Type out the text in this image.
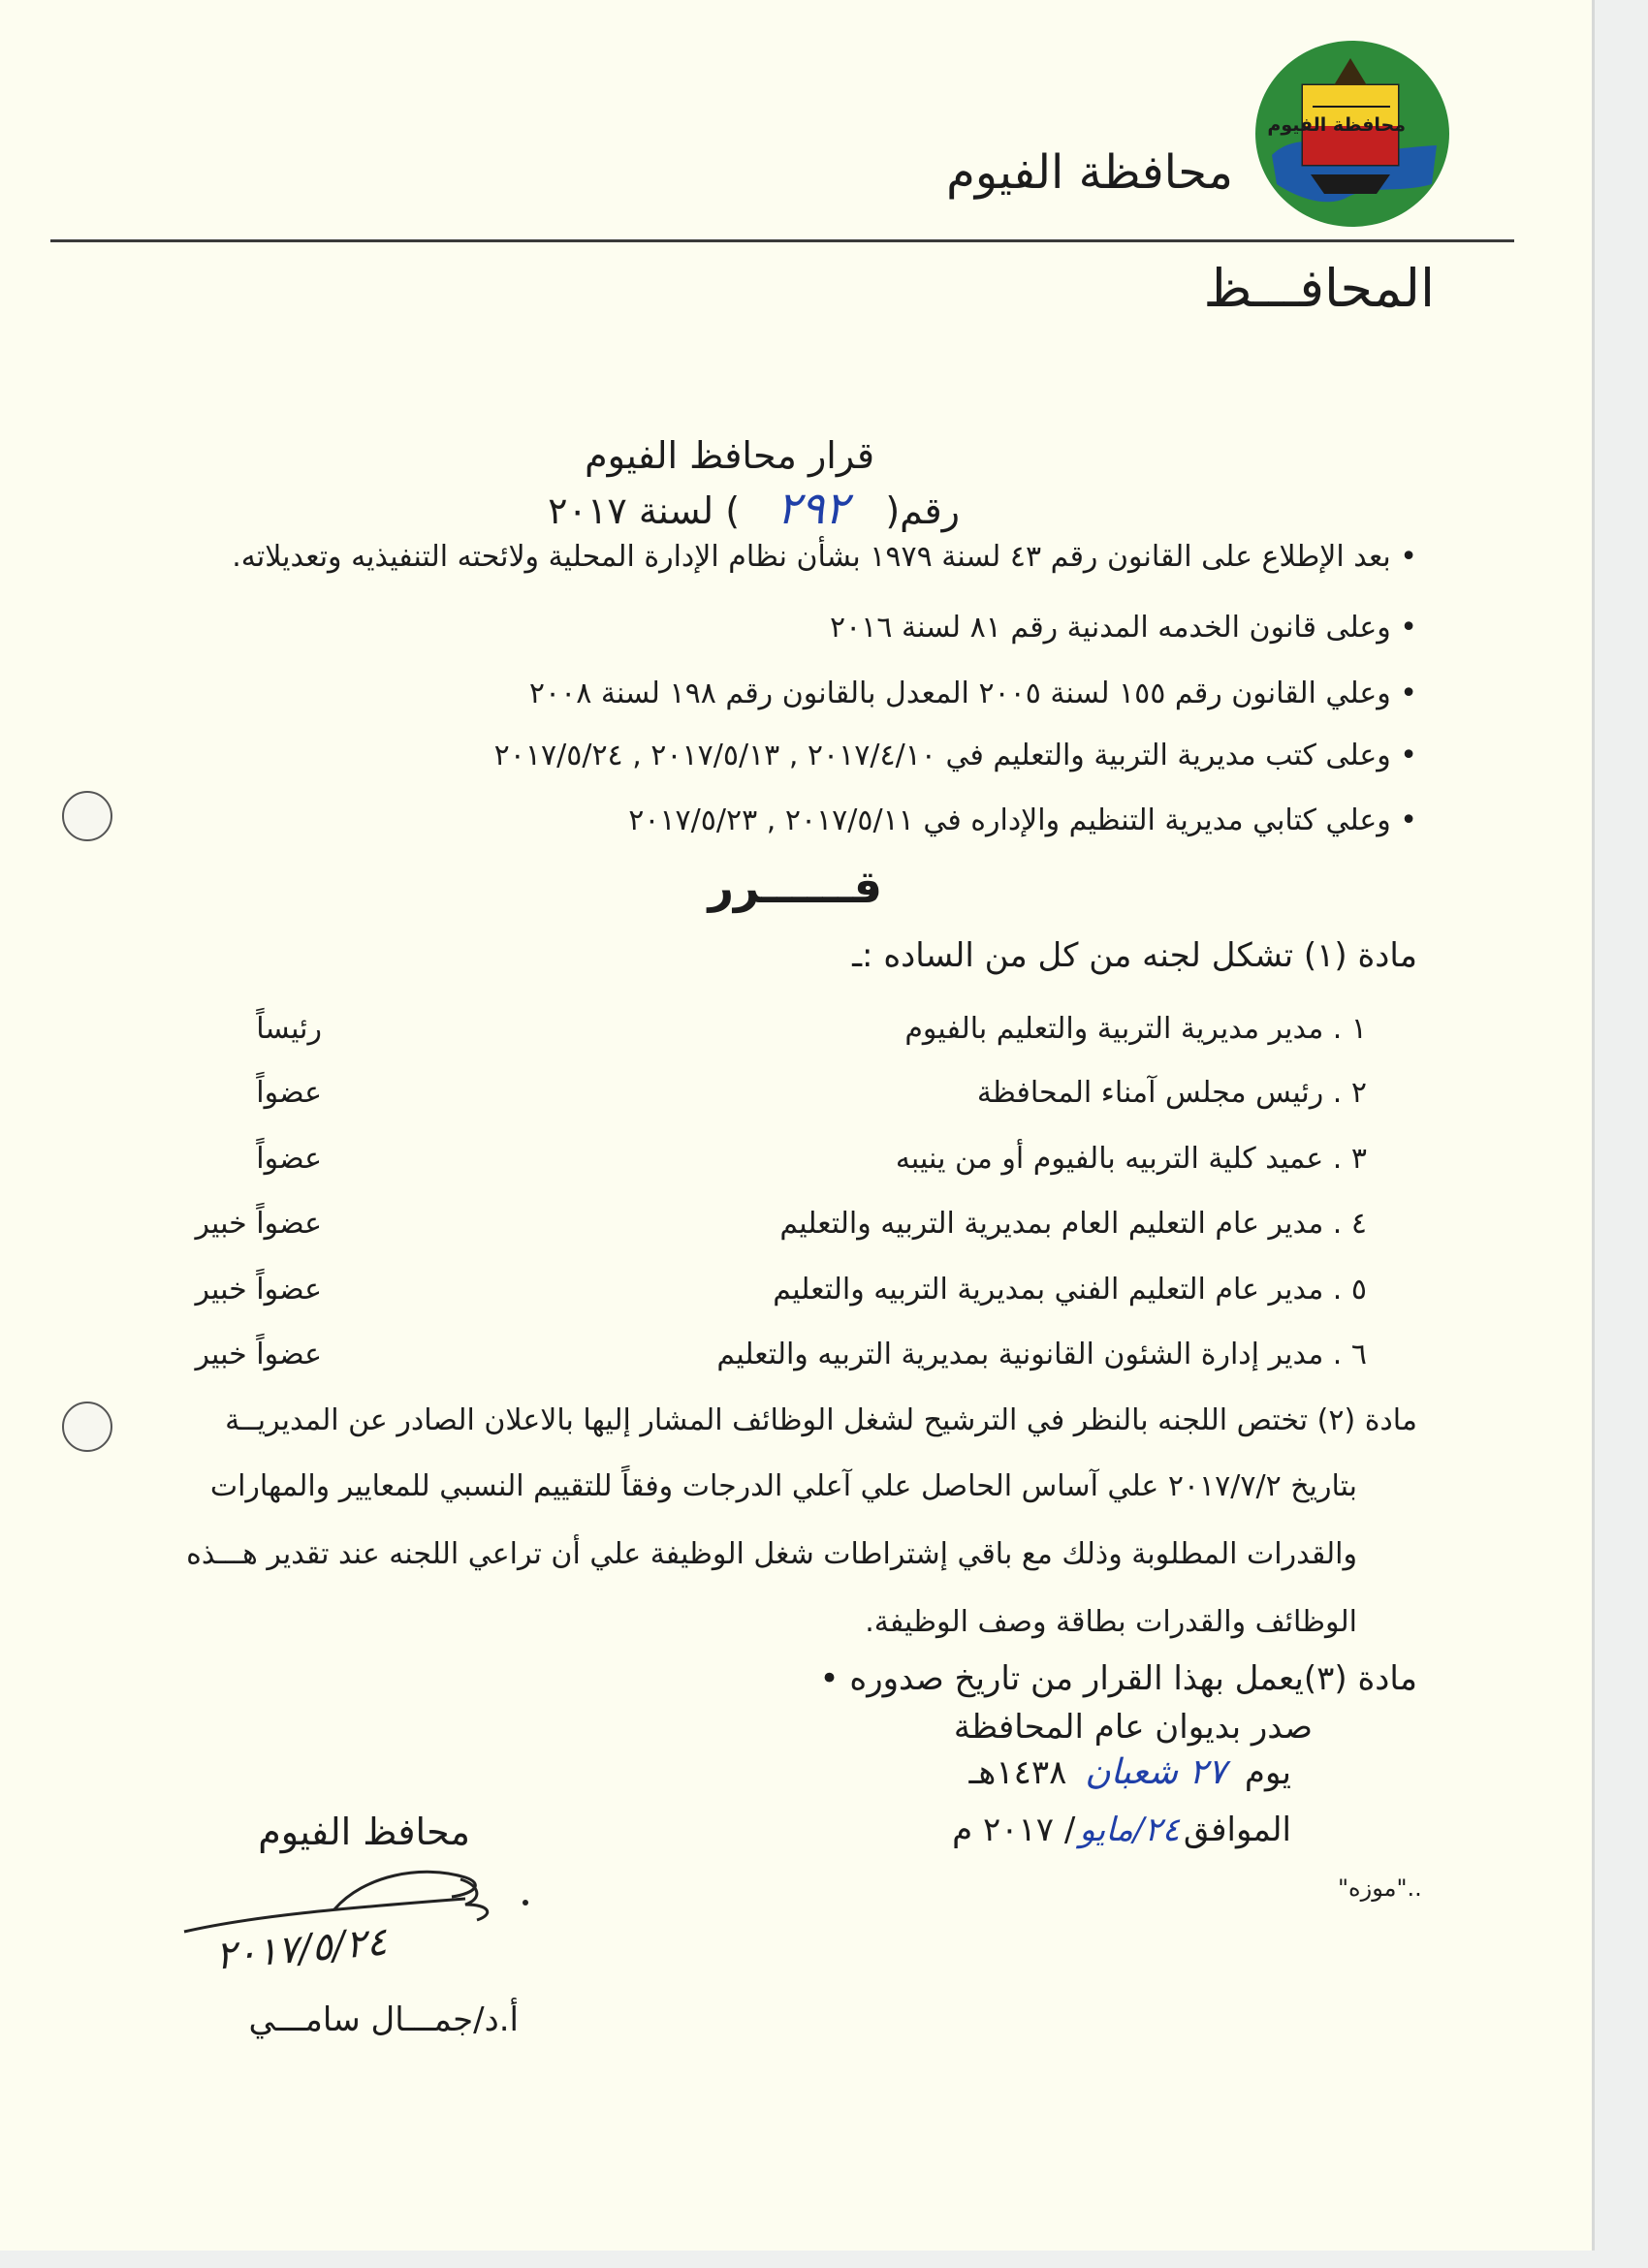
محافظة الفيوم
محافظة الفيوم
المحافـــظ
قرار محافظ الفيوم
رقم( ٢٩٢ ) لسنة ٢٠١٧
• بعد الإطلاع على القانون رقم ٤٣ لسنة ١٩٧٩ بشأن نظام الإدارة المحلية ولائحته التنفيذيه وتعديلاته.
• وعلى قانون الخدمه المدنية رقم ٨١ لسنة ٢٠١٦
• وعلي القانون رقم ١٥٥ لسنة ٢٠٠٥ المعدل بالقانون رقم ١٩٨ لسنة ٢٠٠٨
• وعلى كتب مديرية التربية والتعليم في ٢٠١٧/٤/١٠ , ٢٠١٧/٥/١٣ , ٢٠١٧/٥/٢٤
• وعلي كتابي مديرية التنظيم والإداره في ٢٠١٧/٥/١١ , ٢٠١٧/٥/٢٣
قــــــرر
مادة (١) تشكل لجنه من كل من الساده :ـ
١ . مدير مديرية التربية والتعليم بالفيوم
رئيساً
٢ . رئيس مجلس آمناء المحافظة
عضواً
٣ . عميد كلية التربيه بالفيوم أو من ينيبه
عضواً
٤ . مدير عام التعليم العام بمديرية التربيه والتعليم
عضواً خبير
٥ . مدير عام التعليم الفني بمديرية التربيه والتعليم
عضواً خبير
٦ . مدير إدارة الشئون القانونية بمديرية التربيه والتعليم
عضواً خبير
مادة (٢) تختص اللجنه بالنظر في الترشيح لشغل الوظائف المشار إليها بالاعلان الصادر عن المديريــة
بتاريخ ٢٠١٧/٧/٢ علي آساس الحاصل علي آعلي الدرجات وفقاً للتقييم النسبي للمعايير والمهارات
والقدرات المطلوبة وذلك مع باقي إشتراطات شغل الوظيفة علي أن تراعي اللجنه عند تقدير هـــذه
الوظائف والقدرات بطاقة وصف الوظيفة.
مادة (٣)يعمل بهذا القرار من تاريخ صدوره •
صدر بديوان عام المحافظة
يوم ٢٧ شعبان ١٤٣٨هـ
الموافق٢٤/مايو/ ٢٠١٧ م
"موزه"..
محافظ الفيوم
٢٠١٧/٥/٢٤
أ.د/جمـــال سامـــي
